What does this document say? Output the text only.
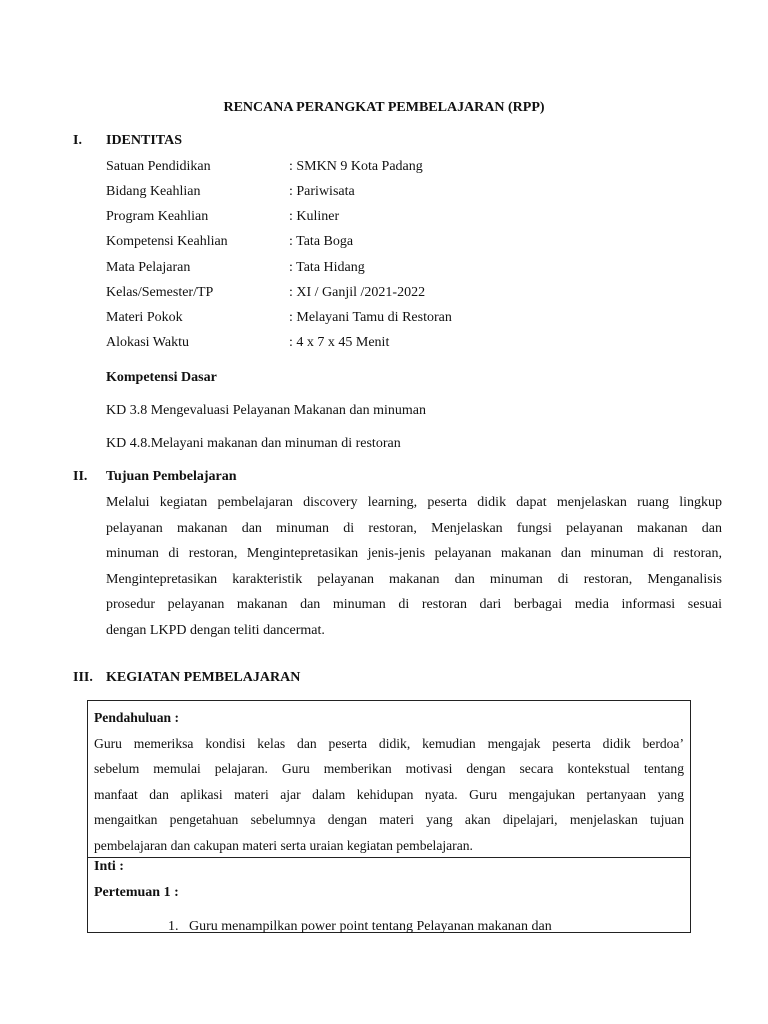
RENCANA PERANGKAT PEMBELAJARAN (RPP)
I. IDENTITAS
Satuan Pendidikan	: SMKN 9 Kota Padang
Bidang Keahlian	: Pariwisata
Program Keahlian	: Kuliner
Kompetensi Keahlian	: Tata Boga
Mata Pelajaran	: Tata Hidang
Kelas/Semester/TP	: XI / Ganjil /2021-2022
Materi Pokok	: Melayani Tamu di Restoran
Alokasi Waktu	: 4 x 7 x 45 Menit
Kompetensi Dasar
KD 3.8 Mengevaluasi Pelayanan Makanan dan minuman
KD 4.8.Melayani makanan dan minuman di restoran
II. Tujuan Pembelajaran
Melalui kegiatan pembelajaran discovery learning, peserta didik dapat menjelaskan ruang lingkup
pelayanan makanan dan minuman di restoran, Menjelaskan fungsi pelayanan makanan dan
minuman di restoran, Mengintepretasikan jenis-jenis pelayanan makanan dan minuman di restoran,
Mengintepretasikan karakteristik pelayanan makanan dan minuman di restoran, Menganalisis
prosedur pelayanan makanan dan minuman di restoran dari berbagai media informasi sesuai
dengan LKPD dengan teliti dancermat.
III. KEGIATAN PEMBELAJARAN
Pendahuluan :
Guru memeriksa kondisi kelas dan peserta didik, kemudian mengajak peserta didik berdoa’
sebelum memulai pelajaran. Guru memberikan motivasi dengan secara kontekstual tentang
manfaat dan aplikasi materi ajar dalam kehidupan nyata. Guru mengajukan pertanyaan yang
mengaitkan pengetahuan sebelumnya dengan materi yang akan dipelajari, menjelaskan tujuan
pembelajaran dan cakupan materi serta uraian kegiatan pembelajaran.
Inti :
Pertemuan 1 :
1. Guru menampilkan power point tentang Pelayanan makanan dan
